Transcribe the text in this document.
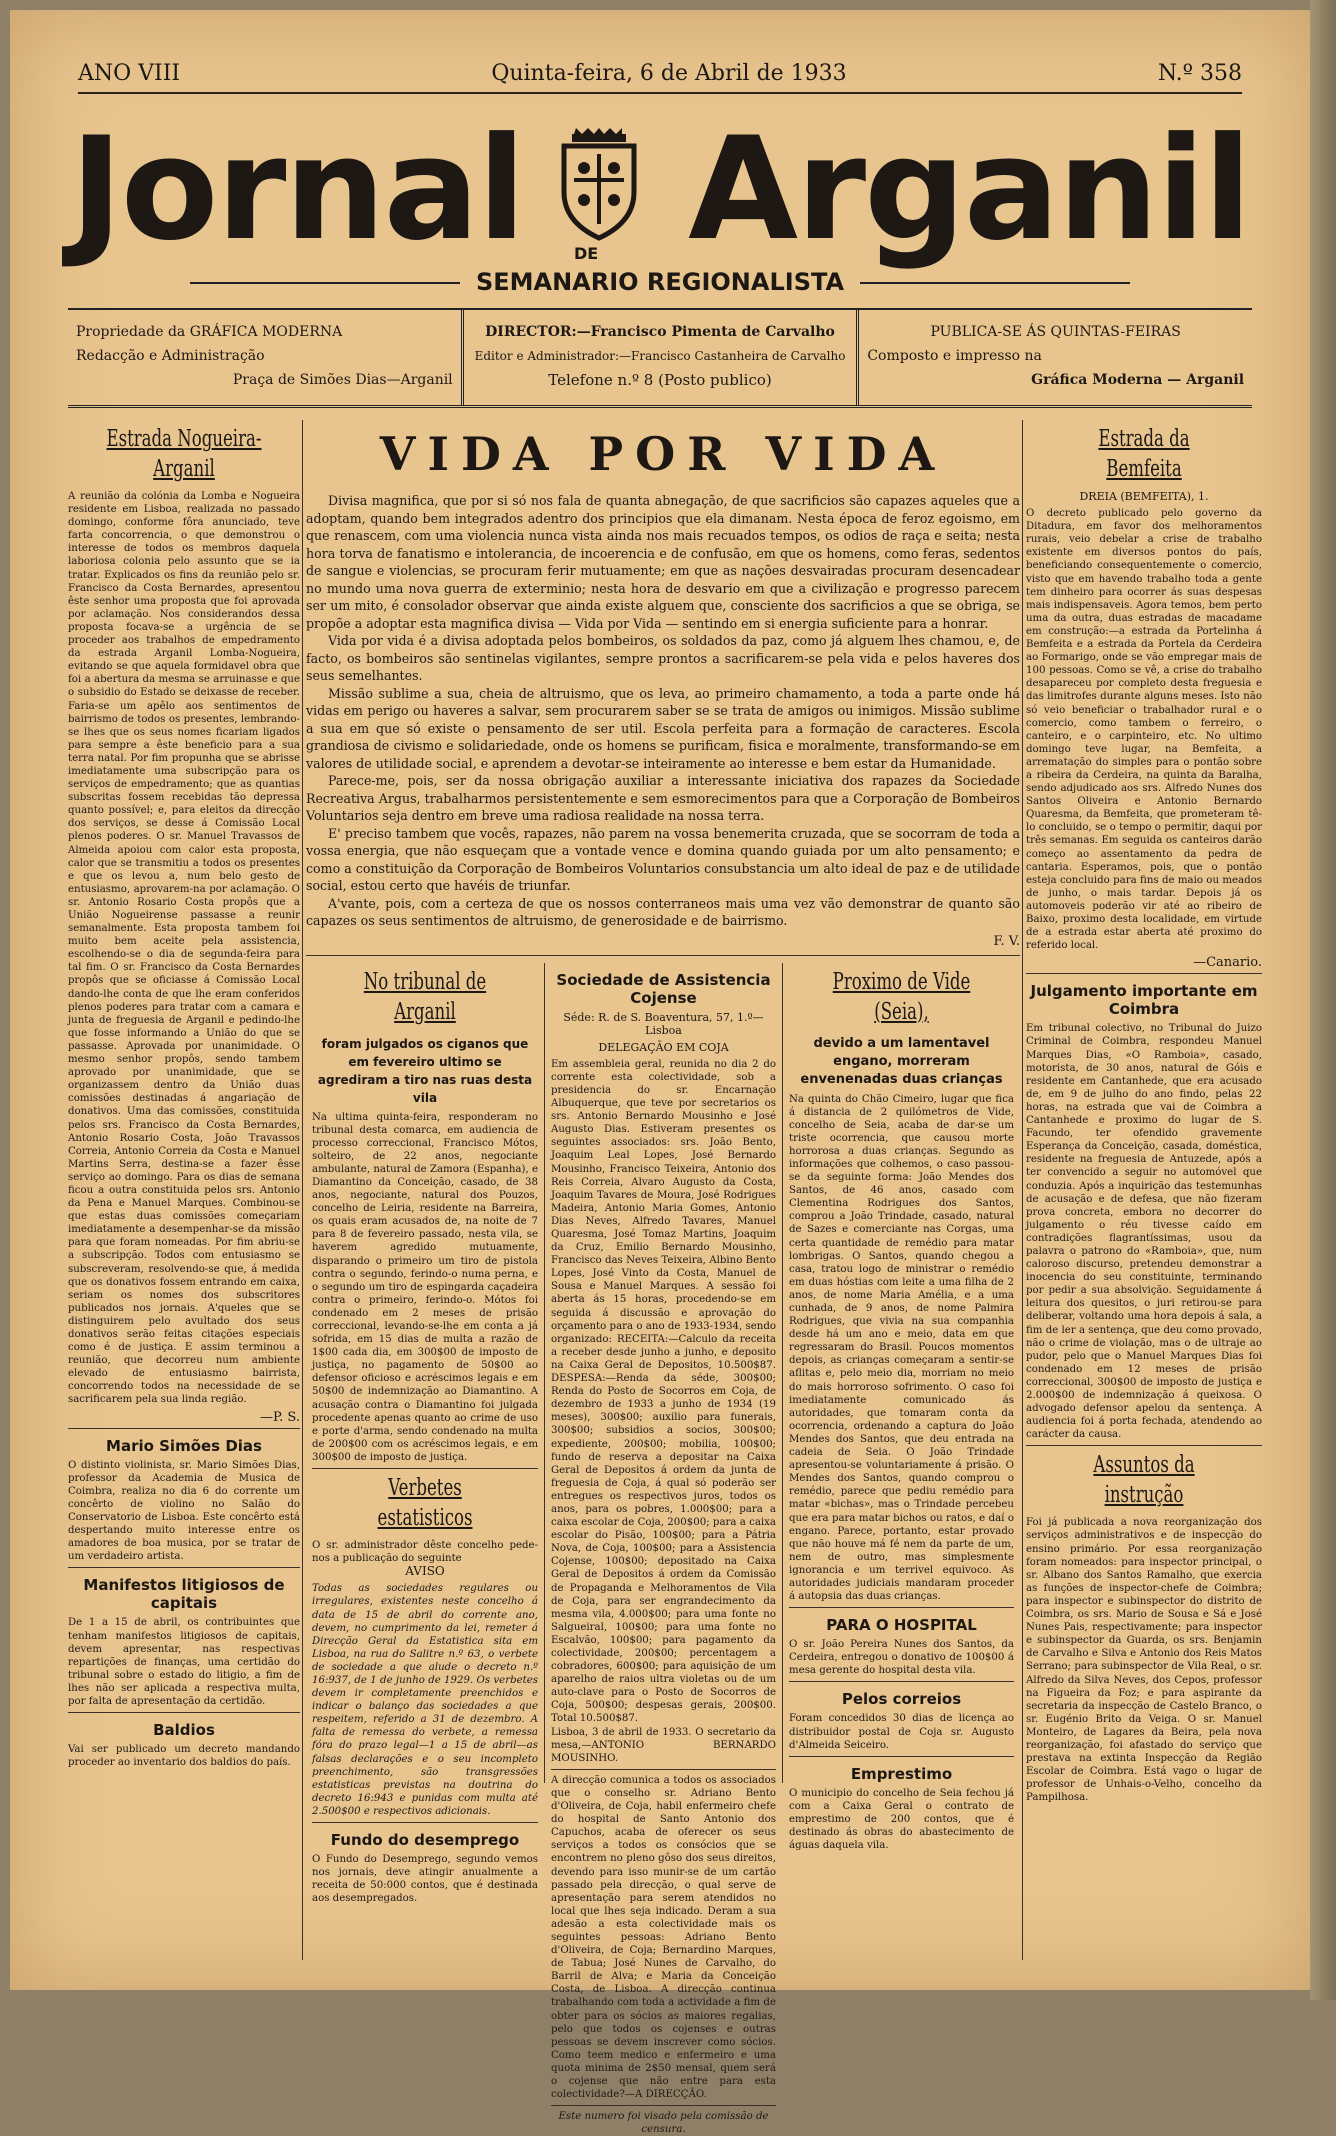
ANO VIII	Quinta-feira, 6 de Abril de 1933	N.º 358
Jornal	DE Arganil
SEMANARIO REGIONALISTA
Propriedade da GRÁFICA MODERNA
Redacção e Administração
Praça de Simões Dias—Arganil
DIRECTOR:—Francisco Pimenta de Carvalho
Editor e Administrador:—Francisco Castanheira de Carvalho
Telefone n.º 8 (Posto publico)
PUBLICA-SE ÁS QUINTAS-FEIRAS
Composto e impresso na
Gráfica Moderna — Arganil
Estrada Nogueira-Arganil

A reunião da colónia da Lomba e Nogueira residente em Lisboa, realizada no passado domingo, conforme fôra anunciado, teve farta concorrencia, o que demonstrou o interesse de todos os membros daquela laboriosa colonia pelo assunto que se ia tratar. Explicados os fins da reunião pelo sr. Francisco da Costa Bernardes, apresentou êste senhor uma proposta que foi aprovada por aclamação. Nos considerandos dessa proposta focava-se a urgência de se proceder aos trabalhos de empedramento da estrada Arganil Lomba-Nogueira, evitando se que aquela formidavel obra que foi a abertura da mesma se arruinasse e que o subsidio do Estado se deixasse de receber. Faria-se um apêlo aos sentimentos de bairrismo de todos os presentes, lembrando-se lhes que os seus nomes ficariam ligados para sempre a êste beneficio para a sua terra natal. Por fim propunha que se abrisse imediatamente uma subscripção para os serviços de empedramento; que as quantias subscritas fossem recebidas tão depressa quanto possível; e, para eleitos da direcção dos serviços, se desse á Comissão Local plenos poderes. O sr. Manuel Travassos de Almeida apoiou com calor esta proposta, calor que se transmitiu a todos os presentes e que os levou a, num belo gesto de entusiasmo, aprovarem-na por aclamação. O sr. Antonio Rosario Costa propôs que a União Nogueirense passasse a reunir semanalmente. Esta proposta tambem foi muito bem aceite pela assistencia, escolhendo-se o dia de segunda-feira para tal fim. O sr. Francisco da Costa Bernardes propôs que se oficiasse á Comissão Local dando-lhe conta de que lhe eram conferidos plenos poderes para tratar com a camara e junta de freguesia de Arganil e pedindo-lhe que fosse informando a União do que se passasse. Aprovada por unanimidade. O mesmo senhor propôs, sendo tambem aprovado por unanimidade, que se organizassem dentro da União duas comissões destinadas á angariação de donativos. Uma das comissões, constituida pelos srs. Francisco da Costa Bernardes, Antonio Rosario Costa, João Travassos Correia, Antonio Correia da Costa e Manuel Martins Serra, destina-se a fazer êsse serviço ao domingo. Para os dias de semana ficou a outra constituida pelos srs. Antonio da Pena e Manuel Marques. Combinou-se que estas duas comissões começariam imediatamente a desempenhar-se da missão para que foram nomeadas. Por fim abriu-se a subscripção. Todos com entusiasmo se subscreveram, resolvendo-se que, á medida que os donativos fossem entrando em caixa, seriam os nomes dos subscritores publicados nos jornais. A'queles que se distinguirem pelo avultado dos seus donativos serão feitas citações especiais como é de justiça. E assim terminou a reunião, que decorreu num ambiente elevado de entusiasmo bairrista, concorrendo todos na necessidade de se sacrificarem pela sua linda região.

—P. S.
Mario Simões Dias

O distinto violinista, sr. Mario Simões Dias, professor da Academia de Musica de Coimbra, realiza no dia 6 do corrente um concêrto de violino no Salão do Conservatorio de Lisboa. Este concêrto está despertando muito interesse entre os amadores de boa musica, por se tratar de um verdadeiro artista.

Manifestos litigiosos de capitais

De 1 a 15 de abril, os contribuintes que tenham manifestos litigiosos de capitais, devem apresentar, nas respectivas repartições de finanças, uma certidão do tribunal sobre o estado do litigio, a fim de lhes não ser aplicada a respectiva multa, por falta de apresentação da certidão.

Baldios

Vai ser publicado um decreto mandando proceder ao inventario dos baldios do país.

VIDA POR VIDA

Divisa magnifica, que por si só nos fala de quanta abnegação, de que sacrificios são capazes aqueles que a adoptam, quando bem integrados adentro dos principios que ela dimanam. Nesta época de feroz egoismo, em que renascem, com uma violencia nunca vista ainda nos mais recuados tempos, os odios de raça e seita; nesta hora torva de fanatismo e intolerancia, de incoerencia e de confusão, em que os homens, como feras, sedentos de sangue e violencias, se procuram ferir mutuamente; em que as nações desvairadas procuram desencadear no mundo uma nova guerra de exterminio; nesta hora de desvario em que a civilização e progresso parecem ser um mito, é consolador observar que ainda existe alguem que, consciente dos sacrificios a que se obriga, se propõe a adoptar esta magnifica divisa — Vida por Vida — sentindo em si energia suficiente para a honrar.

Vida por vida é a divisa adoptada pelos bombeiros, os soldados da paz, como já alguem lhes chamou, e, de facto, os bombeiros são sentinelas vigilantes, sempre prontos a sacrificarem-se pela vida e pelos haveres dos seus semelhantes.

Missão sublime a sua, cheia de altruismo, que os leva, ao primeiro chamamento, a toda a parte onde há vidas em perigo ou haveres a salvar, sem procurarem saber se se trata de amigos ou inimigos. Missão sublime a sua em que só existe o pensamento de ser util. Escola perfeita para a formação de caracteres. Escola grandiosa de civismo e solidariedade, onde os homens se purificam, fisica e moralmente, transformando-se em valores de utilidade social, e aprendem a devotar-se inteiramente ao interesse e bem estar da Humanidade.

Parece-me, pois, ser da nossa obrigação auxiliar a interessante iniciativa dos rapazes da Sociedade Recreativa Argus, trabalharmos persistentemente e sem esmorecimentos para que a Corporação de Bombeiros Voluntarios seja dentro em breve uma radiosa realidade na nossa terra.

E' preciso tambem que vocês, rapazes, não parem na vossa benemerita cruzada, que se socorram de toda a vossa energia, que não esqueçam que a vontade vence e domina quando guiada por um alto pensamento; e como a constituição da Corporação de Bombeiros Voluntarios consubstancia um alto ideal de paz e de utilidade social, estou certo que havéis de triunfar.

A'vante, pois, com a certeza de que os nossos conterraneos mais uma vez vão demonstrar de quanto são capazes os seus sentimentos de altruismo, de generosidade e de bairrismo.

F. V.
No tribunal de Arganil
foram julgados os ciganos que em fevereiro ultimo se agrediram a tiro nas ruas desta vila

Na ultima quinta-feira, responderam no tribunal desta comarca, em audiencia de processo correccional, Francisco Mótos, solteiro, de 22 anos, negociante ambulante, natural de Zamora (Espanha), e Diamantino da Conceição, casado, de 38 anos, negociante, natural dos Pouzos, concelho de Leiria, residente na Barreira, os quais eram acusados de, na noite de 7 para 8 de fevereiro passado, nesta vila, se haverem agredido mutuamente, disparando o primeiro um tiro de pistola contra o segundo, ferindo-o numa perna, e o segundo um tiro de espingarda caçadeira contra o primeiro, ferindo-o. Mótos foi condenado em 2 meses de prisão correccional, levando-se-lhe em conta a já sofrida, em 15 dias de multa a razão de 1$00 cada dia, em 300$00 de imposto de justiça, no pagamento de 50$00 ao defensor oficioso e acréscimos legais e em 50$00 de indemnização ao Diamantino. A acusação contra o Diamantino foi julgada procedente apenas quanto ao crime de uso e porte d'arma, sendo condenado na multa de 200$00 com os acréscimos legais, e em 300$00 de imposto de justiça.

Verbetes estatisticos

O sr. administrador dêste concelho pede-nos a publicação do seguinte

AVISO

Todas as sociedades regulares ou irregulares, existentes neste concelho á data de 15 de abril do corrente ano, devem, no cumprimento da lei, remeter á Direcção Geral da Estatistica sita em Lisboa, na rua do Salitre n.º 63, o verbete de sociedade a que alude o decreto n.º 16:937, de 1 de junho de 1929. Os verbetes devem ir completamente preenchidos e indicar o balanço das sociedades a que respeitem, referido a 31 de dezembro. A falta de remessa do verbete, a remessa fóra do prazo legal—1 a 15 de abril—as falsas declarações e o seu incompleto preenchimento, são transgressões estatisticas previstas na doutrina do decreto 16:943 e punidas com multa até 2.500$00 e respectivos adicionais.

Fundo do desemprego

O Fundo do Desemprego, segundo vemos nos jornais, deve atingir anualmente a receita de 50:000 contos, que é destinada aos desempregados.

Sociedade de Assistencia Cojense
Séde: R. de S. Boaventura, 57, 1.º—Lisboa
DELEGAÇÃO EM COJA

Em assembleia geral, reunida no dia 2 do corrente esta colectividade, sob a presidencia do sr. Encarnação Albuquerque, que teve por secretarios os srs. Antonio Bernardo Mousinho e José Augusto Dias. Estiveram presentes os seguintes associados: srs. João Bento, Joaquim Leal Lopes, José Bernardo Mousinho, Francisco Teixeira, Antonio dos Reis Correia, Alvaro Augusto da Costa, Joaquim Tavares de Moura, José Rodrigues Madeira, Antonio Maria Gomes, Antonio Dias Neves, Alfredo Tavares, Manuel Quaresma, José Tomaz Martins, Joaquim da Cruz, Emilio Bernardo Mousinho, Francisco das Neves Teixeira, Albino Bento Lopes, José Vinto da Costa, Manuel de Sousa e Manuel Marques. A sessão foi aberta ás 15 horas, procedendo-se em seguida á discussão e aprovação do orçamento para o ano de 1933-1934, sendo organizado: RECEITA:—Calculo da receita a receber desde junho a junho, e deposito na Caixa Geral de Depositos, 10.500$87. DESPESA:—Renda da séde, 300$00; Renda do Posto de Socorros em Coja, de dezembro de 1933 a junho de 1934 (19 meses), 300$00; auxilio para funerais, 300$00; subsidios a socios, 300$00; expediente, 200$00; mobilia, 100$00; fundo de reserva a depositar na Caixa Geral de Depositos á ordem da junta de freguesia de Coja, á qual só poderão ser entregues os respectivos juros, todos os anos, para os pobres, 1.000$00; para a caixa escolar de Coja, 200$00; para a caixa escolar do Pisão, 100$00; para a Pátria Nova, de Coja, 100$00; para a Assistencia Cojense, 100$00; depositado na Caixa Geral de Depositos á ordem da Comissão de Propaganda e Melhoramentos de Vila de Coja, para ser engrandecimento da mesma vila, 4.000$00; para uma fonte no Salgueiral, 100$00; para uma fonte no Escalvão, 100$00; para pagamento da colectividade, 200$00; percentagem a cobradores, 600$00; para aquisição de um aparelho de raios ultra violetas ou de um auto-clave para o Posto de Socorros de Coja, 500$00; despesas gerais, 200$00. Total 10.500$87.

Lisboa, 3 de abril de 1933. O secretario da mesa,—ANTONIO BERNARDO MOUSINHO.

A direcção comunica a todos os associados que o conselho sr. Adriano Bento d'Oliveira, de Coja, habil enfermeiro chefe do hospital de Santo Antonio dos Capuchos, acaba de oferecer os seus serviços a todos os consócios que se encontrem no pleno gôso dos seus direitos, devendo para isso munir-se de um cartão passado pela direcção, o qual serve de apresentação para serem atendidos no local que lhes seja indicado. Deram a sua adesão a esta colectividade mais os seguintes pessoas: Adriano Bento d'Oliveira, de Coja; Bernardino Marques, de Tabua; José Nunes de Carvalho, do Barril de Alva; e Maria da Conceição Costa, de Lisboa. A direcção continua trabalhando com toda a actividade a fim de obter para os sócios as maiores regalias, pelo que todos os cojenses e outras pessoas se devem inscrever como sócios. Como teem medico e enfermeiro e uma quota minima de 2$50 mensal, quem será o cojense que não entre para esta colectividade?—A DIRECÇÃO.

Este numero foi visado pela comissão de censura.

Proximo de Vide (Seia),
devido a um lamentavel engano, morreram envenenadas duas crianças

Na quinta do Chão Cimeiro, lugar que fica á distancia de 2 quilómetros de Vide, concelho de Seia, acaba de dar-se um triste ocorrencia, que causou morte horrorosa a duas crianças. Segundo as informações que colhemos, o caso passou-se da seguinte forma: João Mendes dos Santos, de 46 anos, casado com Clementina Rodrigues dos Santos, comprou a João Trindade, casado, natural de Sazes e comerciante nas Corgas, uma certa quantidade de remédio para matar lombrigas. O Santos, quando chegou a casa, tratou logo de ministrar o remédio em duas hóstias com leite a uma filha de 2 anos, de nome Maria Amélia, e a uma cunhada, de 9 anos, de nome Palmira Rodrigues, que vivia na sua companhia desde há um ano e meio, data em que regressaram do Brasil. Poucos momentos depois, as crianças começaram a sentir-se aflitas e, pelo meio dia, morriam no meio do mais horroroso sofrimento. O caso foi imediatamente comunicado ás autoridades, que tomaram conta da ocorrencia, ordenando a captura do João Mendes dos Santos, que deu entrada na cadeia de Seia. O João Trindade apresentou-se voluntariamente á prisão. O Mendes dos Santos, quando comprou o remédio, parece que pediu remédio para matar «bichas», mas o Trindade percebeu que era para matar bichos ou ratos, e daí o engano. Parece, portanto, estar provado que não houve má fé nem da parte de um, nem de outro, mas simplesmente ignorancia e um terrivel equivoco. As autoridades judiciais mandaram proceder á autopsia das duas crianças.

PARA O HOSPITAL

O sr. João Pereira Nunes dos Santos, da Cerdeira, entregou o donativo de 100$00 á mesa gerente do hospital desta vila.

Pelos correios

Foram concedidos 30 dias de licença ao distribuidor postal de Coja sr. Augusto d'Almeida Seiceiro.

Emprestimo

O municipio do concelho de Seia fechou já com a Caixa Geral o contrato de emprestimo de 200 contos, que é destinado ás obras do abastecimento de águas daquela vila.

Estrada da Bemfeita
DREIA (BEMFEITA), 1.

O decreto publicado pelo governo da Ditadura, em favor dos melhoramentos rurais, veio debelar a crise de trabalho existente em diversos pontos do país, beneficiando consequentemente o comercio, visto que em havendo trabalho toda a gente tem dinheiro para ocorrer ás suas despesas mais indispensaveis. Agora temos, bem perto uma da outra, duas estradas de macadame em construção:—a estrada da Portelinha á Bemfeita e a estrada da Portela da Cerdeira ao Formarigo, onde se vão empregar mais de 100 pessoas. Como se vê, a crise do trabalho desapareceu por completo desta freguesia e das limitrofes durante alguns meses. Isto não só veio beneficiar o trabalhador rural e o comercio, como tambem o ferreiro, o canteiro, e o carpinteiro, etc. No ultimo domingo teve lugar, na Bemfeita, a arrematação do simples para o pontão sobre a ribeira da Cerdeira, na quinta da Baralha, sendo adjudicado aos srs. Alfredo Nunes dos Santos Oliveira e Antonio Bernardo Quaresma, da Bemfeita, que prometeram tê-lo concluido, se o tempo o permitir, daqui por três semanas. Em seguida os canteiros darão começo ao assentamento da pedra de cantaria. Esperamos, pois, que o pontão esteja concluido para fins de maio ou meados de junho, o mais tardar. Depois já os automoveis poderão vir até ao ribeiro de Baixo, proximo desta localidade, em virtude de a estrada estar aberta até proximo do referido local.

—Canario.
Julgamento importante em Coimbra

Em tribunal colectivo, no Tribunal do Juizo Criminal de Coimbra, respondeu Manuel Marques Dias, «O Ramboia», casado, motorista, de 30 anos, natural de Góis e residente em Cantanhede, que era acusado de, em 9 de julho do ano findo, pelas 22 horas, na estrada que vai de Coimbra a Cantanhede e proximo do lugar de S. Facundo, ter ofendido gravemente Esperança da Conceição, casada, doméstica, residente na freguesia de Antuzede, após a ter convencido a seguir no automóvel que conduzia. Após a inquirição das testemunhas de acusação e de defesa, que não fizeram prova concreta, embora no decorrer do julgamento o réu tivesse caído em contradições flagrantíssimas, usou da palavra o patrono do «Ramboia», que, num caloroso discurso, pretendeu demonstrar a inocencia do seu constituinte, terminando por pedir a sua absolvição. Seguidamente á leitura dos quesitos, o juri retirou-se para deliberar, voltando uma hora depois á sala, a fim de ler a sentença, que deu como provado, não o crime de violação, mas o de ultraje ao pudor, pelo que o Manuel Marques Dias foi condenado em 12 meses de prisão correccional, 300$00 de imposto de justiça e 2.000$00 de indemnização á queixosa. O advogado defensor apelou da sentença. A audiencia foi á porta fechada, atendendo ao carácter da causa.

Assuntos da instrução

Foi já publicada a nova reorganização dos serviços administrativos e de inspecção do ensino primário. Por essa reorganização foram nomeados: para inspector principal, o sr. Albano dos Santos Ramalho, que exercia as funções de inspector-chefe de Coimbra; para inspector e subinspector do distrito de Coimbra, os srs. Mario de Sousa e Sá e José Nunes Pais, respectivamente; para inspector e subinspector da Guarda, os srs. Benjamin de Carvalho e Silva e Antonio dos Reis Matos Serrano; para subinspector de Vila Real, o sr. Alfredo da Silva Neves, dos Cepos, professor na Figueira da Foz; e para aspirante da secretaria da inspecção de Castelo Branco, o sr. Eugénio Brito da Veiga. O sr. Manuel Monteiro, de Lagares da Beira, pela nova reorganização, foi afastado do serviço que prestava na extinta Inspecção da Região Escolar de Coimbra. Está vago o lugar de professor de Unhais-o-Velho, concelho da Pampilhosa.
